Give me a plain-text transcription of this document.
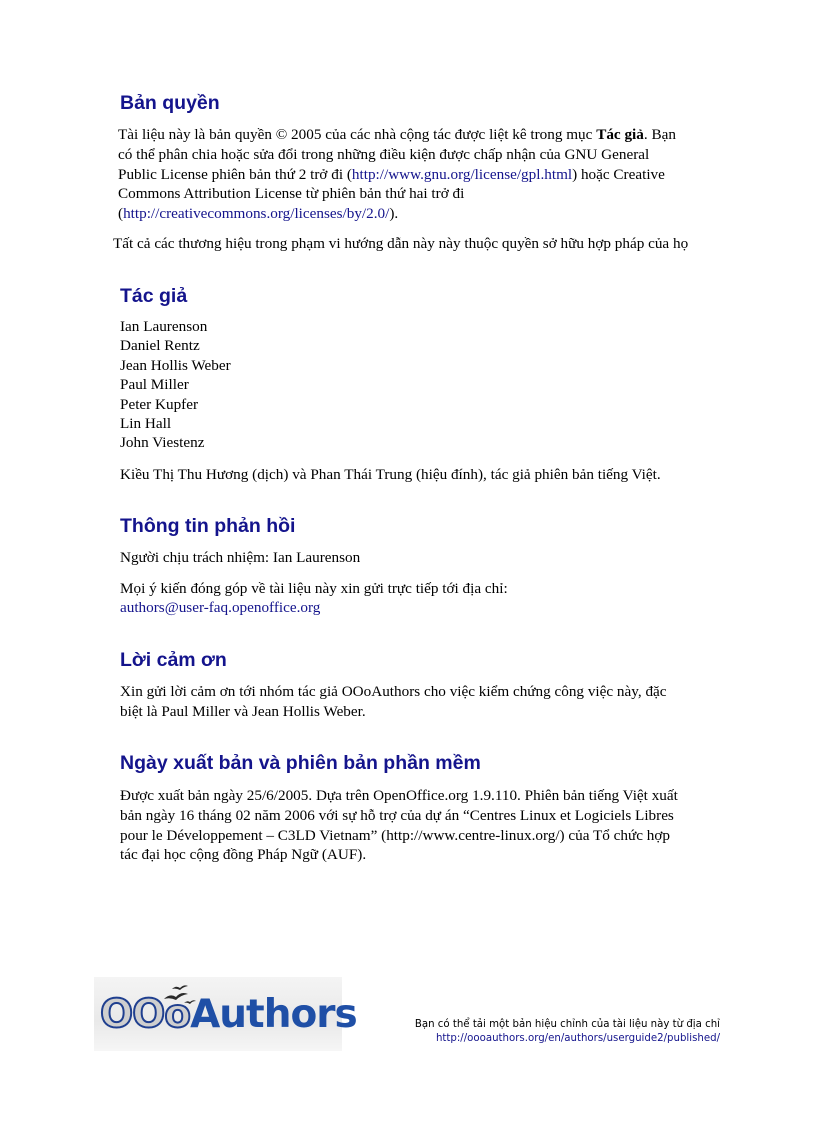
Bản quyền

Tài liệu này là bản quyền © 2005 của các nhà cộng tác được liệt kê trong mục Tác giả. Bạn

có thể phân chia hoặc sửa đổi trong những điều kiện được chấp nhận của GNU General

Public License phiên bản thứ 2 trở đi (http://www.gnu.org/license/gpl.html) hoặc Creative

Commons Attribution License từ phiên bản thứ hai trở đi

(http://creativecommons.org/licenses/by/2.0/).

Tất cả các thương hiệu trong phạm vi hướng dẫn này này thuộc quyền sở hữu hợp pháp của họ

Tác giả
Ian Laurenson
Daniel Rentz
Jean Hollis Weber
Paul Miller
Peter Kupfer
Lin Hall
John Viestenz

Kiều Thị Thu Hương (dịch) và Phan Thái Trung (hiệu đính), tác giả phiên bản tiếng Việt.

Thông tin phản hồi

Người chịu trách nhiệm: Ian Laurenson

Mọi ý kiến đóng góp về tài liệu này xin gửi trực tiếp tới địa chỉ:

authors@user-faq.openoffice.org

Lời cảm ơn

Xin gửi lời cảm ơn tới nhóm tác giả OOoAuthors cho việc kiểm chứng công việc này, đặc

biệt là Paul Miller và Jean Hollis Weber.

Ngày xuất bản và phiên bản phần mềm

Được xuất bản ngày 25/6/2005. Dựa trên OpenOffice.org 1.9.110. Phiên bản tiếng Việt xuất

bản ngày 16 tháng 02 năm 2006 với sự hỗ trợ của dự án “Centres Linux et Logiciels Libres

pour le Développement – C3LD Vietnam” (http://www.centre-linux.org/) của Tổ chức hợp

tác đại học cộng đồng Pháp Ngữ (AUF).

OOoAuthors	Bạn có thể tải một bản hiệu chỉnh của tài liệu này từ địa chỉ
http://oooauthors.org/en/authors/userguide2/published/
